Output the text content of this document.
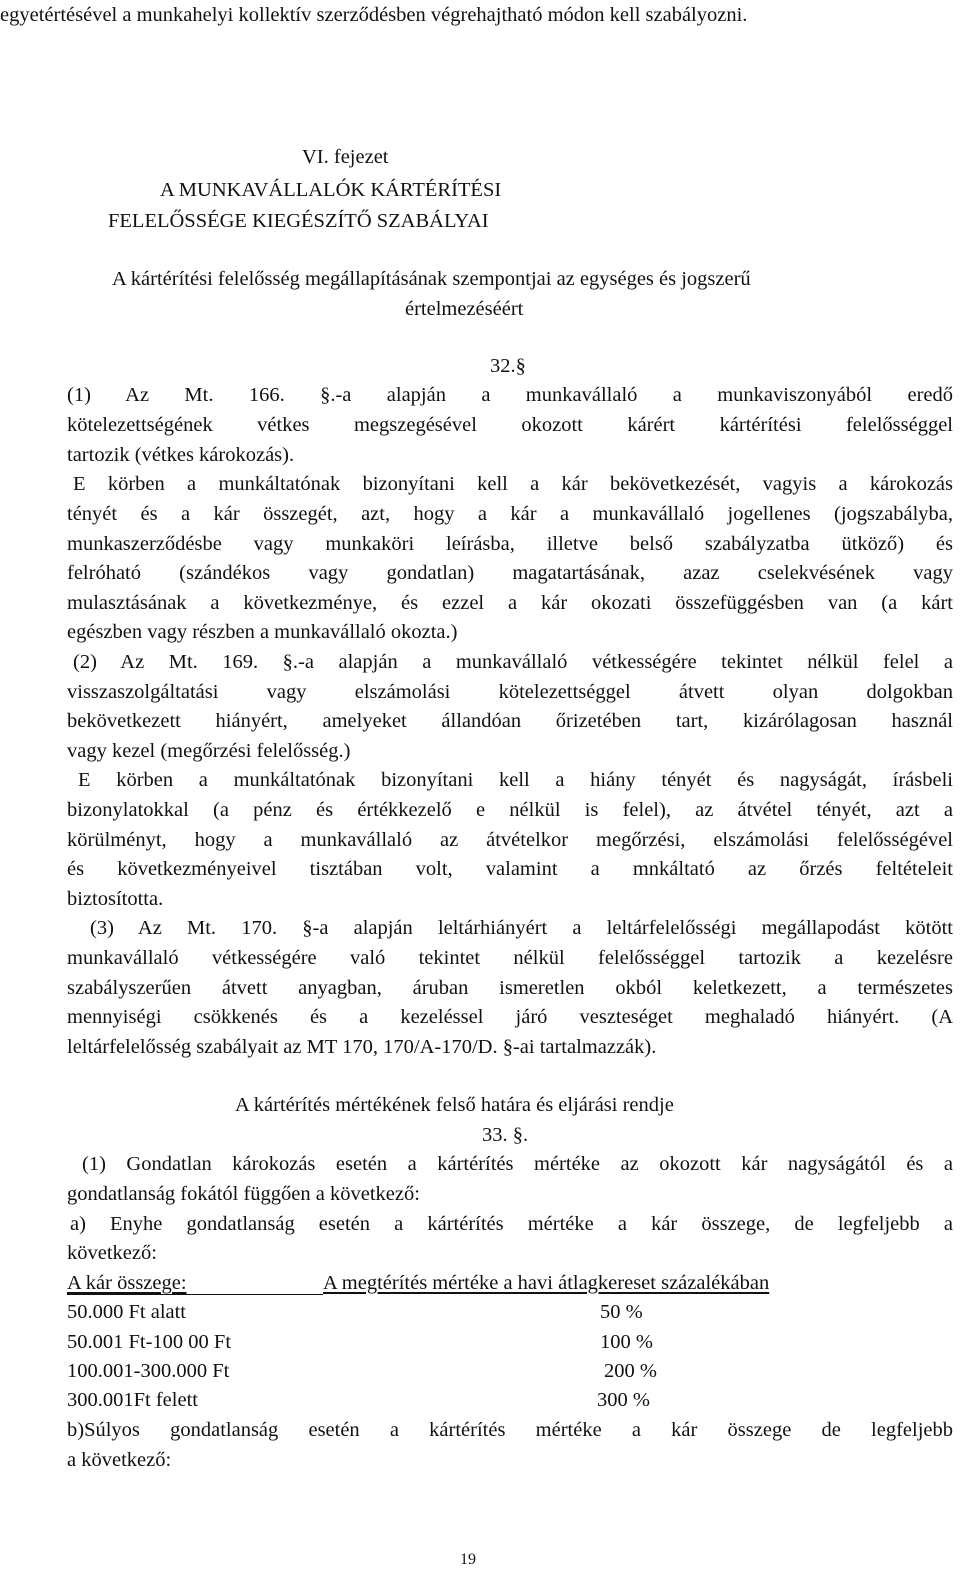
egyetértésével a munkahelyi kollektív szerződésben végrehajtható módon kell szabályozni.
VI. fejezet
A MUNKAVÁLLALÓK KÁRTÉRÍTÉSI
FELELŐSSÉGE KIEGÉSZÍTŐ SZABÁLYAI
A kártérítési felelősség megállapításának szempontjai az egységes és jogszerű
értelmezéséért
32.§
(1) Az Mt. 166. §.-a alapján a munkavállaló a munkaviszonyából eredő
kötelezettségének vétkes megszegésével okozott kárért kártérítési felelősséggel
tartozik (vétkes károkozás).
E körben a munkáltatónak bizonyítani kell a kár bekövetkezését, vagyis a károkozás
tényét és a kár összegét, azt, hogy a kár a munkavállaló jogellenes (jogszabályba,
munkaszerződésbe vagy munkaköri leírásba, illetve belső szabályzatba ütköző) és
felróható (szándékos vagy gondatlan) magatartásának, azaz cselekvésének vagy
mulasztásának a következménye, és ezzel a kár okozati összefüggésben van (a kárt
egészben vagy részben a munkavállaló okozta.)
(2) Az Mt. 169. §.-a alapján a munkavállaló vétkességére tekintet nélkül felel a
visszaszolgáltatási vagy elszámolási kötelezettséggel átvett olyan dolgokban
bekövetkezett hiányért, amelyeket állandóan őrizetében tart, kizárólagosan használ
vagy kezel (megőrzési felelősség.)
E körben a munkáltatónak bizonyítani kell a hiány tényét és nagyságát, írásbeli
bizonylatokkal (a pénz és értékkezelő e nélkül is felel), az átvétel tényét, azt a
körülményt, hogy a munkavállaló az átvételkor megőrzési, elszámolási felelősségével
és következményeivel tisztában volt, valamint a mnkáltató az őrzés feltételeit
biztosította.
(3) Az Mt. 170. §-a alapján leltárhiányért a leltárfelelősségi megállapodást kötött
munkavállaló vétkességére való tekintet nélkül felelősséggel tartozik a kezelésre
szabályszerűen átvett anyagban, áruban ismeretlen okból keletkezett, a természetes
mennyiségi csökkenés és a kezeléssel járó veszteséget meghaladó hiányért. (A
leltárfelelősség szabályait az MT 170, 170/A-170/D. §-ai tartalmazzák).
A kártérítés mértékének felső határa és eljárási rendje
33. §.
(1) Gondatlan károkozás esetén a kártérítés mértéke az okozott kár nagyságától és a
gondatlanság fokától függően a következő:
a) Enyhe gondatlanság esetén a kártérítés mértéke a kár összege, de legfeljebb a
következő:
A kár összege:	A megtérítés mértéke a havi átlagkereset százalékában
50.000 Ft alatt	50 %
50.001 Ft-100 00 Ft	100 %
100.001-300.000 Ft	200 %
300.001Ft felett	300 %
b)Súlyos gondatlanság esetén a kártérítés mértéke a kár összege de legfeljebb
a következő:
19
